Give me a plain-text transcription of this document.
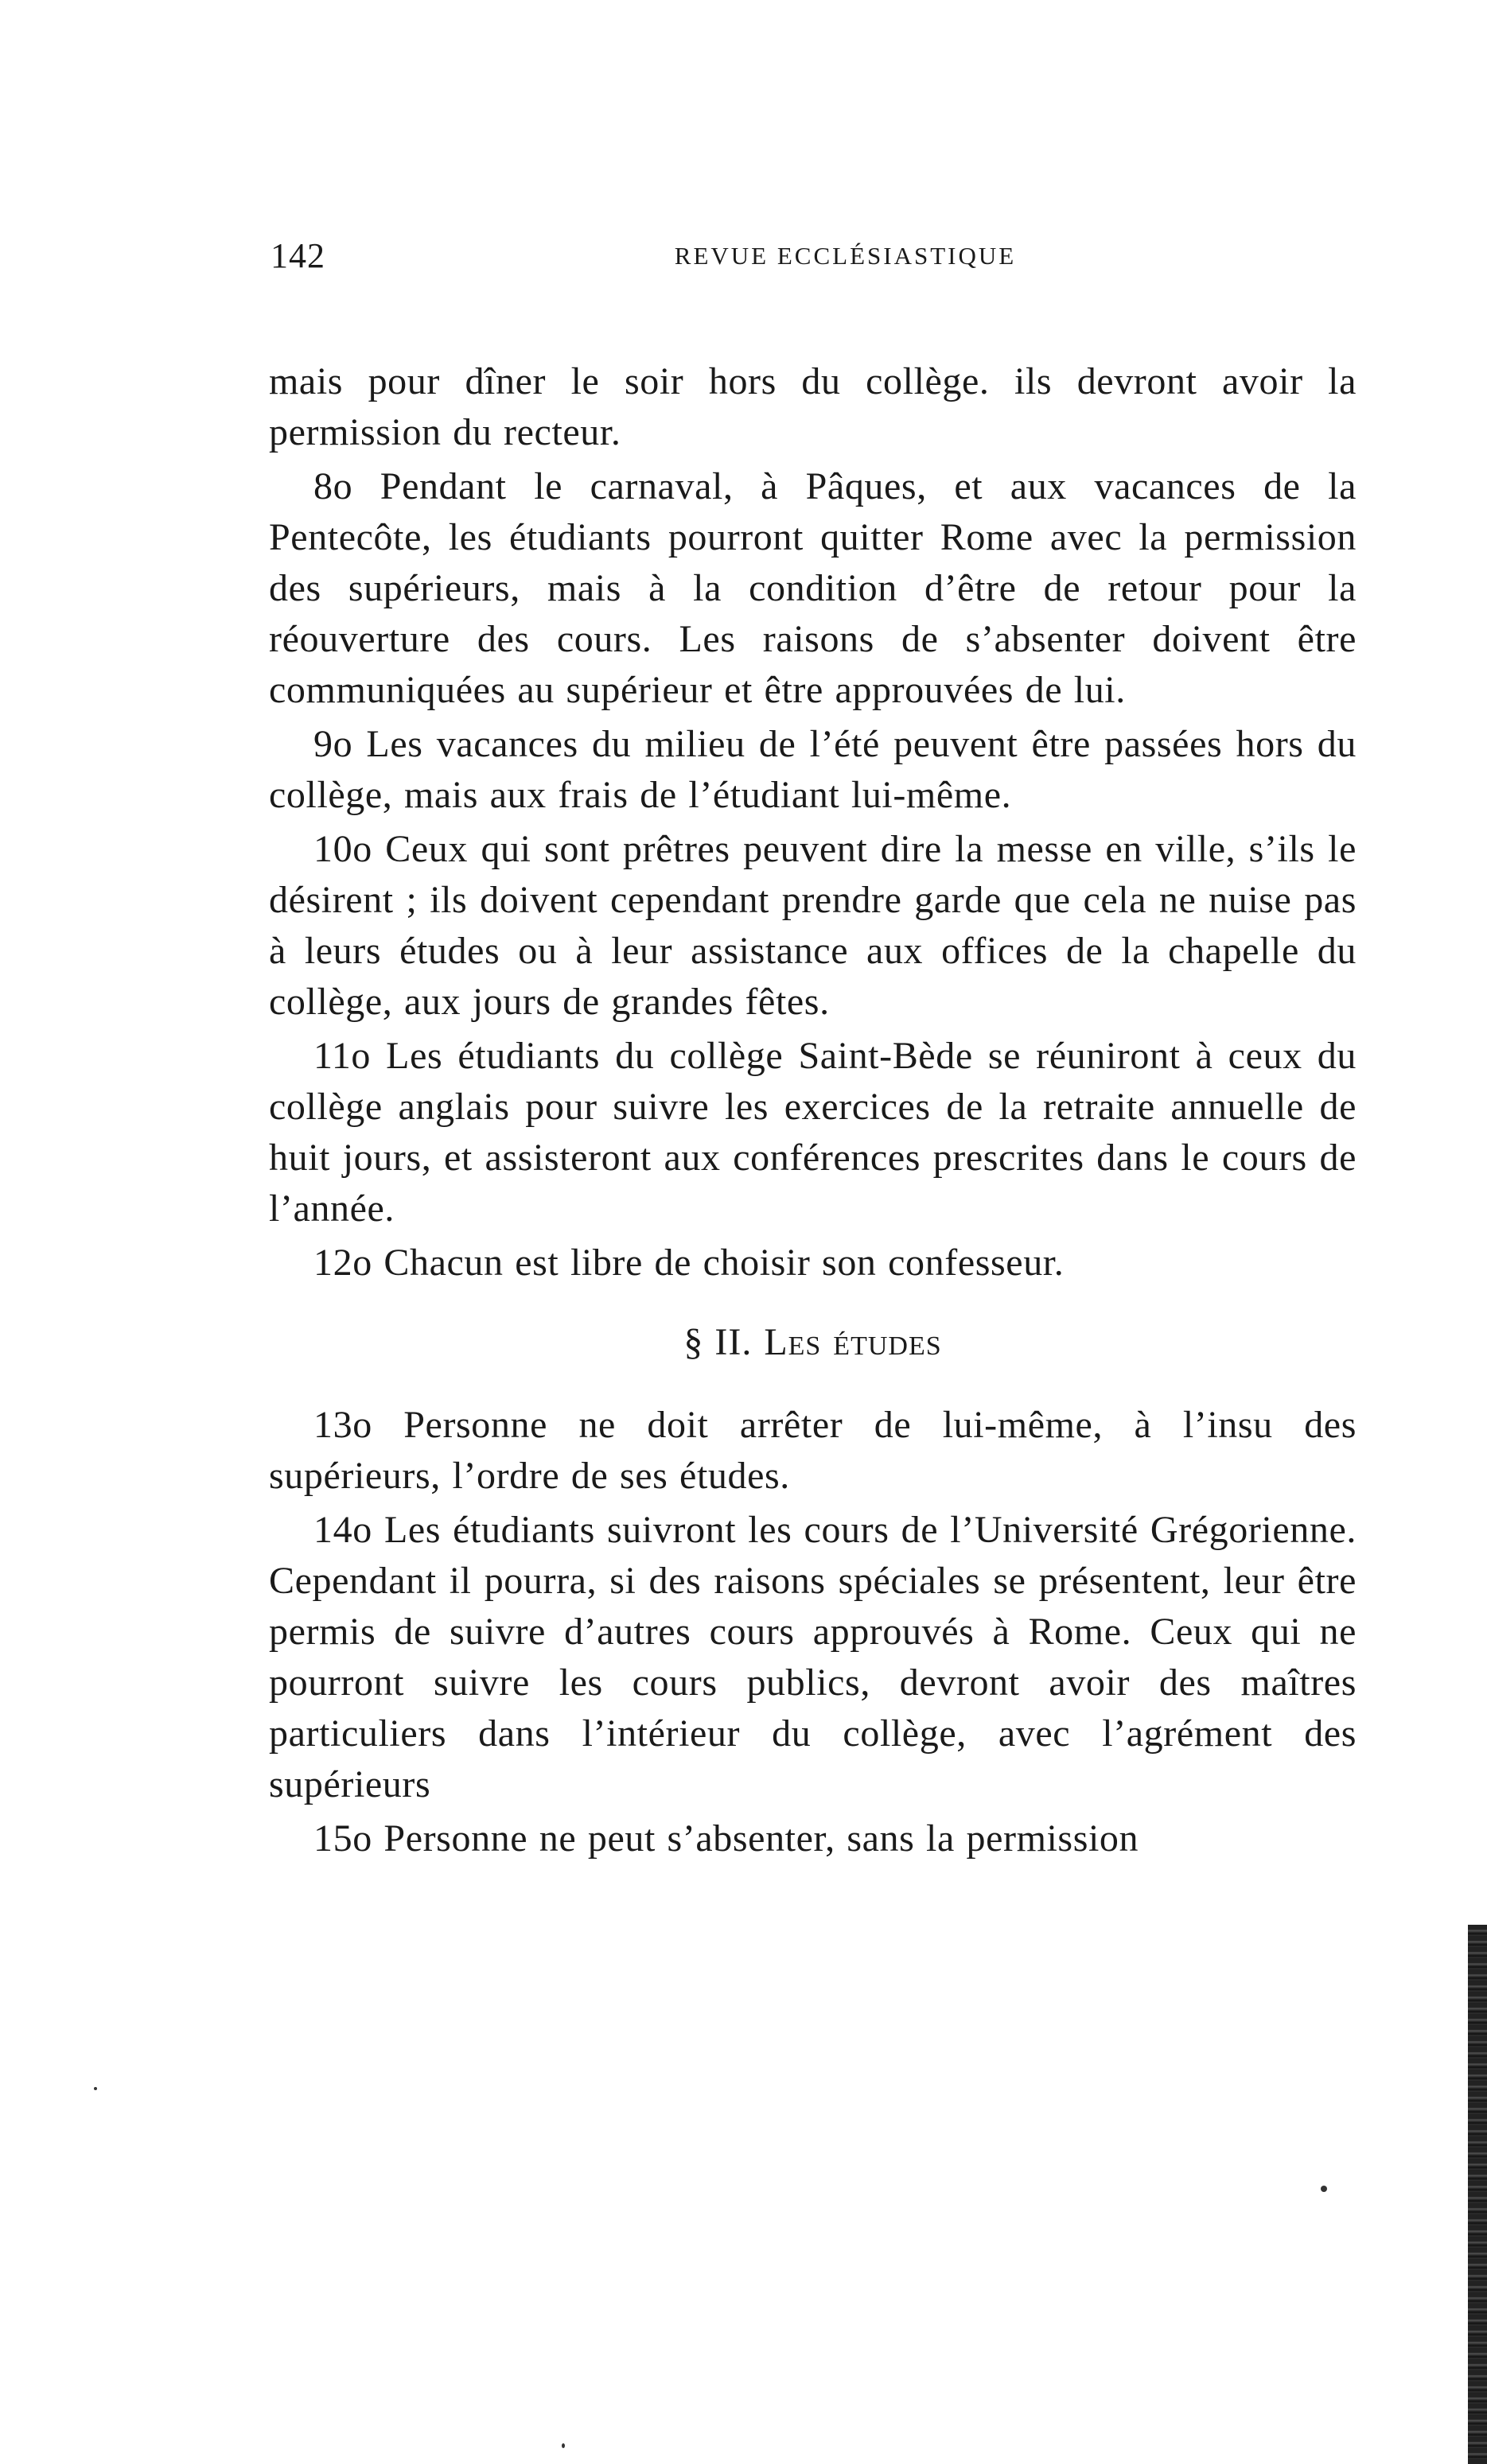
142	REVUE ECCLÉSIASTIQUE

mais pour dîner le soir hors du collège. ils devront avoir la permission du recteur.

8o Pendant le carnaval, à Pâques, et aux vacances de la Pentecôte, les étudiants pourront quitter Rome avec la permission des supérieurs, mais à la condition d’être de retour pour la réouverture des cours. Les raisons de s’absenter doivent être communiquées au supérieur et être approuvées de lui.

9o Les vacances du milieu de l’été peuvent être passées hors du collège, mais aux frais de l’étudiant lui-même.

10o Ceux qui sont prêtres peuvent dire la messe en ville, s’ils le désirent ; ils doivent cependant prendre garde que cela ne nuise pas à leurs études ou à leur assistance aux offices de la chapelle du collège, aux jours de grandes fêtes.

11o Les étudiants du collège Saint-Bède se réuniront à ceux du collège anglais pour suivre les exercices de la retraite annuelle de huit jours, et assisteront aux conférences prescrites dans le cours de l’année.

12o Chacun est libre de choisir son confesseur.

§ II. Les études

13o Personne ne doit arrêter de lui-même, à l’insu des supérieurs, l’ordre de ses études.

14o Les étudiants suivront les cours de l’Université Grégorienne. Cependant il pourra, si des raisons spéciales se présentent, leur être permis de suivre d’autres cours approuvés à Rome. Ceux qui ne pourront suivre les cours publics, devront avoir des maîtres particuliers dans l’intérieur du collège, avec l’agrément des supérieurs

15o Personne ne peut s’absenter, sans la permission
